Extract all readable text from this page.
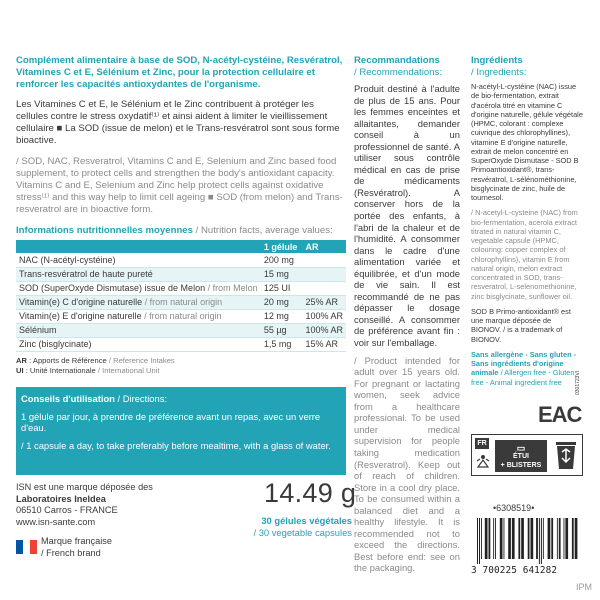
Complément alimentaire à base de SOD, N-acétyl-cystéine, Resvératrol, Vitamines C et E, Sélénium et Zinc, pour la protection cellulaire et renforcer les capacités antioxydantes de l'organisme.
Les Vitamines C et E, le Sélénium et le Zinc contribuent à protéger les cellules contre le stress oxydatif⁽¹⁾ et ainsi aident à limiter le vieillissement cellulaire ■ La SOD (issue de melon) et le Trans-resvératrol sont sous forme bioactive.
/ SOD, NAC, Resveratrol, Vitamins C and E, Selenium and Zinc based food supplement, to protect cells and strengthen the body's antioxidant capacity.
Vitamins C and E, Selenium and Zinc help protect cells against oxidative stress⁽¹⁾ and this way help to limit cell ageing ■ SOD (from melon) and Trans-resveratrol are in bioactive form.
Informations nutritionnelles moyennes / Nutrition facts, average values:
	1 gélule	AR
NAC (N-acétyl-cystéine)	200 mg	
Trans-resvératrol de haute pureté	15 mg	
SOD (SuperOxyde Dismutase) issue de Melon / from Melon	125 UI	
Vitamin(e) C d'origine naturelle / from natural origin	20 mg	25% AR
Vitamin(e) E d'origine naturelle / from natural origin	12 mg	100% AR
Sélénium	55 µg	100% AR
Zinc (bisglycinate)	1,5 mg	15% AR
AR : Apports de Référence / Reference Intakes
UI : Unité Internationale / International Unit

Conseils d'utilisation / Directions:

1 gélule par jour, à prendre de préférence avant un repas, avec un verre d'eau.

/ 1 capsule a day, to take preferably before mealtime, with a glass of water.

ISN est une marque déposée des
Laboratoires Ineldea
06510 Carros - FRANCE
www.isn-sante.com
Marque française
/ French brand
14.49 g
30 gélules végétales
/ 30 vegetable capsules
Recommandations
/ Recommendations:
Produit destiné à l'adulte de plus de 15 ans. Pour les femmes enceintes et allaitantes, demander conseil à un professionnel de santé. A utiliser sous contrôle médical en cas de prise de médicaments (Resvératrol). A conserver hors de la portée des enfants, à l'abri de la chaleur et de l'humidité. A consommer dans le cadre d'une alimentation variée et équilibrée, et d'un mode de vie sain. Il est recommandé de ne pas dépasser le dosage conseillé. A consommer de préférence avant fin : voir sur l'emballage.
/ Product intended for adult over 15 years old. For pregnant or lactating women, seek advice from a healthcare professional. To be used under medical supervision for people taking medication (Resveratrol). Keep out of reach of children. Store in a cool dry place. To be consumed within a balanced diet and a healthy lifestyle. It is recommended not to exceed the directions. Best before end: see on the packaging.
Ingrédients
/ Ingredients:
N-acétyl-L-cystéine (NAC) issue de bio-fermentation, extrait d'acérola titré en vitamine C d'origine naturelle, gélule végétale (HPMC, colorant : complexe cuivrique des chlorophyllines), vitamine E d'origine naturelle, extrait de melon concentré en SuperOxyde Dismutase - SOD B Primoantioxidant®, trans-resvératrol, L-sélénométhionine, bisglycinate de zinc, huile de tournesol.
/ N-acetyl-L-cysteine (NAC) from bio-fermentation, acerola extract titrated in natural vitamin C, vegetable capsule (HPMC, colouring: copper complex of chlorophyllins), vitamin E from natural origin, melon extract concentrated in SOD, trans-resveratrol, L-selenomethionine, zinc bisglycinate, sunflower oil.
SOD B Primo-antioxidant® est une marque déposée de BIONOV. / is a trademark of BIONOV.
Sans allergène - Sans gluten - Sans ingrédients d'origine animale / Allergen free - Gluten free - Animal ingredient free
EAC
0301723VI
FR	▭
ÉTUI
+ BLISTERS
•6308519•
3 700225 641282
IPM
